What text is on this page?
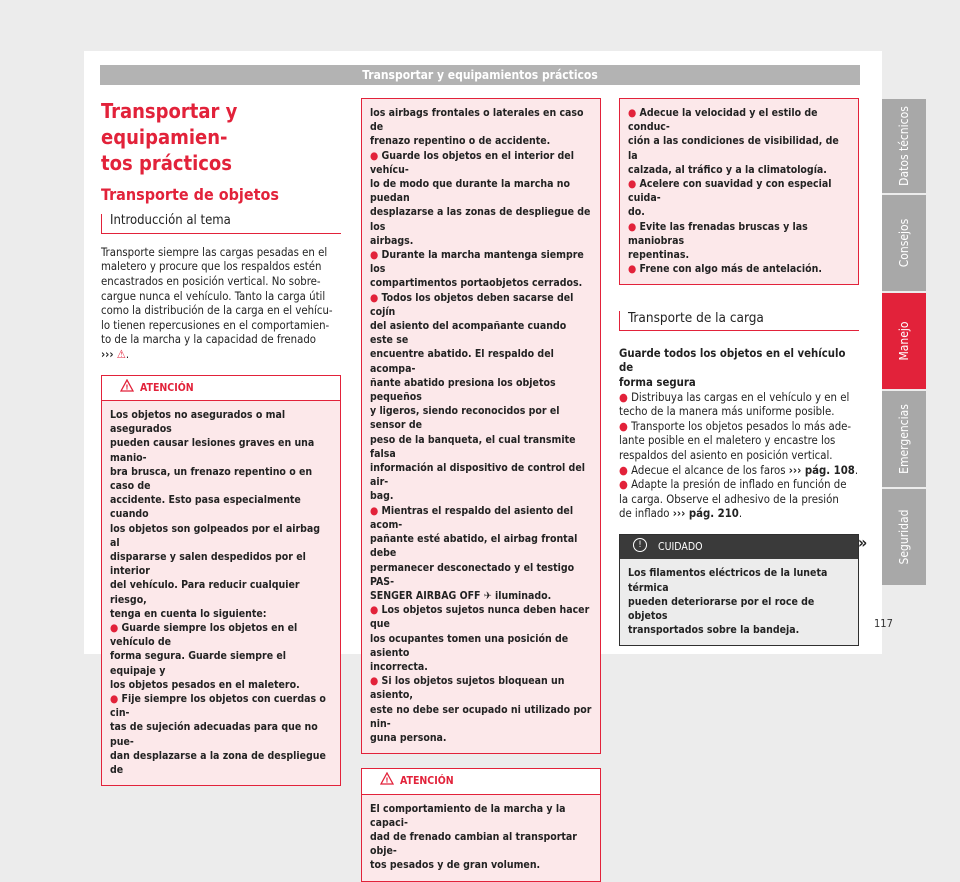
Transportar y equipamientos prácticos
Transportar y equipamien-
tos prácticos
Transporte de objetos
Introducción al tema
Transporte siempre las cargas pesadas en el
maletero y procure que los respaldos estén
encastrados en posición vertical. No sobre-
cargue nunca el vehículo. Tanto la carga útil
como la distribución de la carga en el vehícu-
lo tienen repercusiones en el comportamien-
to de la marcha y la capacidad de frenado
››› ⚠.
! ATENCIÓN

Los objetos no asegurados o mal asegurados

pueden causar lesiones graves en una manio-

bra brusca, un frenazo repentino o en caso de

accidente. Esto pasa especialmente cuando

los objetos son golpeados por el airbag al

dispararse y salen despedidos por el interior

del vehículo. Para reducir cualquier riesgo,

tenga en cuenta lo siguiente:

● Guarde siempre los objetos en el vehículo de

forma segura. Guarde siempre el equipaje y

los objetos pesados en el maletero.

● Fije siempre los objetos con cuerdas o cin-

tas de sujeción adecuadas para que no pue-

dan desplazarse a la zona de despliegue de

los airbags frontales o laterales en caso de

frenazo repentino o de accidente.

● Guarde los objetos en el interior del vehícu-

lo de modo que durante la marcha no puedan

desplazarse a las zonas de despliegue de los

airbags.

● Durante la marcha mantenga siempre los

compartimentos portaobjetos cerrados.

● Todos los objetos deben sacarse del cojín

del asiento del acompañante cuando este se

encuentre abatido. El respaldo del acompa-

ñante abatido presiona los objetos pequeños

y ligeros, siendo reconocidos por el sensor de

peso de la banqueta, el cual transmite falsa

información al dispositivo de control del air-

bag.

● Mientras el respaldo del asiento del acom-

pañante esté abatido, el airbag frontal debe

permanecer desconectado y el testigo PAS-

SENGER AIRBAG OFF ✈ iluminado.

● Los objetos sujetos nunca deben hacer que

los ocupantes tomen una posición de asiento

incorrecta.

● Si los objetos sujetos bloquean un asiento,

este no debe ser ocupado ni utilizado por nin-

guna persona.

! ATENCIÓN

El comportamiento de la marcha y la capaci-

dad de frenado cambian al transportar obje-

tos pesados y de gran volumen.

● Adecue la velocidad y el estilo de conduc-

ción a las condiciones de visibilidad, de la

calzada, al tráfico y a la climatología.

● Acelere con suavidad y con especial cuida-

do.

● Evite las frenadas bruscas y las maniobras

repentinas.

● Frene con algo más de antelación.

Transporte de la carga
Guarde todos los objetos en el vehículo de
forma segura
● Distribuya las cargas en el vehículo y en el
techo de la manera más uniforme posible.
● Transporte los objetos pesados lo más ade-
lante posible en el maletero y encastre los
respaldos del asiento en posición vertical.
● Adecue el alcance de los faros ››› pág. 108.
● Adapte la presión de inflado en función de
la carga. Observe el adhesivo de la presión
de inflado ››› pág. 210.
!	CUIDADO

Los filamentos eléctricos de la luneta térmica

pueden deteriorarse por el roce de objetos

transportados sobre la bandeja.

»
Datos técnicos
Consejos
Manejo
Emergencias
Seguridad
117
